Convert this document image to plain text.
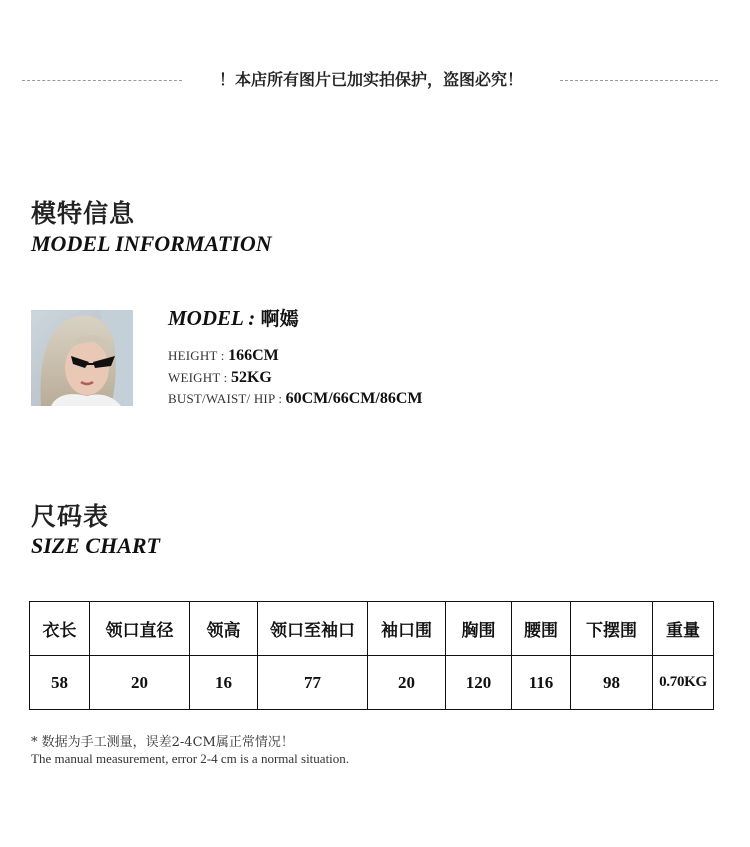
！本店所有图片已加实拍保护，盗图必究！
模特信息
MODEL INFORMATION
MODEL : 啊嫣
HEIGHT : 166CM
WEIGHT : 52KG
BUST/WAIST/ HIP : 60CM/66CM/86CM
尺码表
SIZE CHART
衣长	领口直径	领高	领口至袖口	袖口围	胸围	腰围	下摆围	重量
58	20	16	77	20	120	116	98	0.70KG
* 数据为手工测量，误差2-4CM属正常情况！
The manual measurement, error 2-4 cm is a normal situation.
